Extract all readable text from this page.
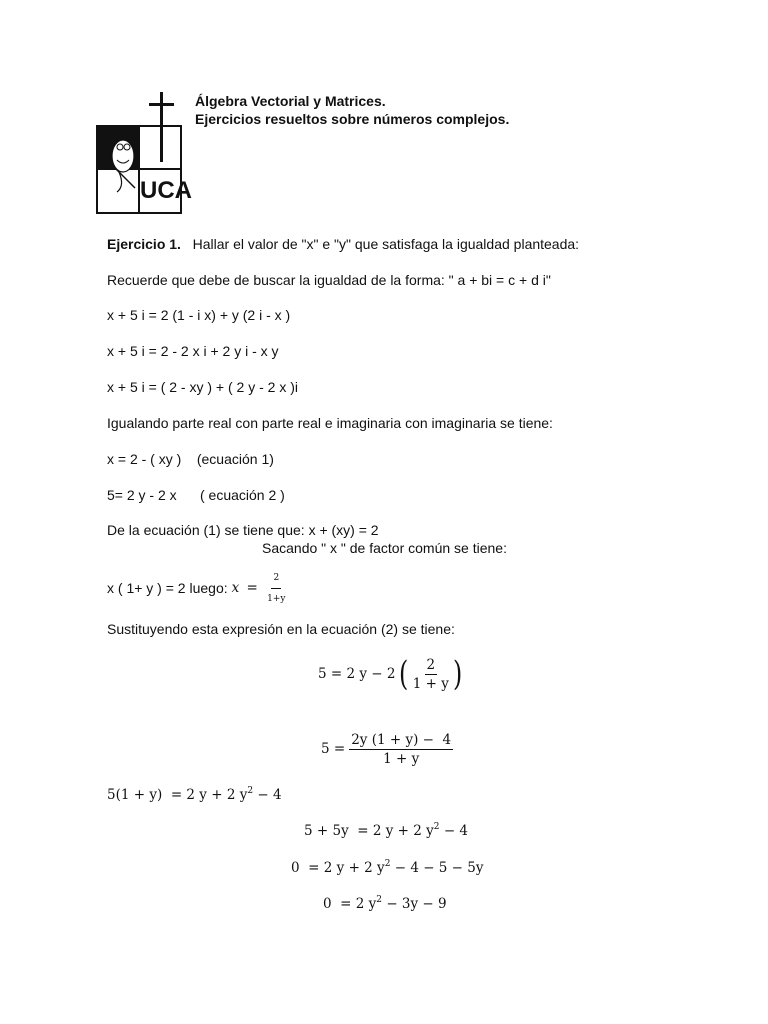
UCA
Álgebra Vectorial y Matrices.
Ejercicios resueltos sobre números complejos.
Ejercicio 1. Hallar el valor de "x" e "y" que satisfaga la igualdad planteada:
Recuerde que debe de buscar la igualdad de la forma: " a + bi = c + d i"
x + 5 i = 2 (1 - i x) + y (2 i - x )
x + 5 i = 2 - 2 x i + 2 y i - x y
x + 5 i = ( 2 - xy ) + ( 2 y - 2 x )i
Igualando parte real con parte real e imaginaria con imaginaria se tiene:
x = 2 - ( xy )    (ecuación 1)
5= 2 y - 2 x      ( ecuación 2 )
De la ecuación (1) se tiene que: x + (xy) = 2
Sacando " x " de factor común se tiene:
x ( 1+ y ) = 2 luego: $x = \frac{2}{1+y}$
Sustituyendo esta expresión en la ecuación (2) se tiene:
5 = 2 y − 2 ( $\frac{2}{1 + y}$ )
$5 = \frac{2y (1 + y) - 4}{1 + y}$
5(1 + y)  = 2 y + 2 $y^2 - 4$
5 + 5y  = 2 y + 2 $y^2 - 4$
0  = 2 y + 2 $y^2 - 4 - 5 - 5y$
0  = 2 $y^2 - 3y - 9$
